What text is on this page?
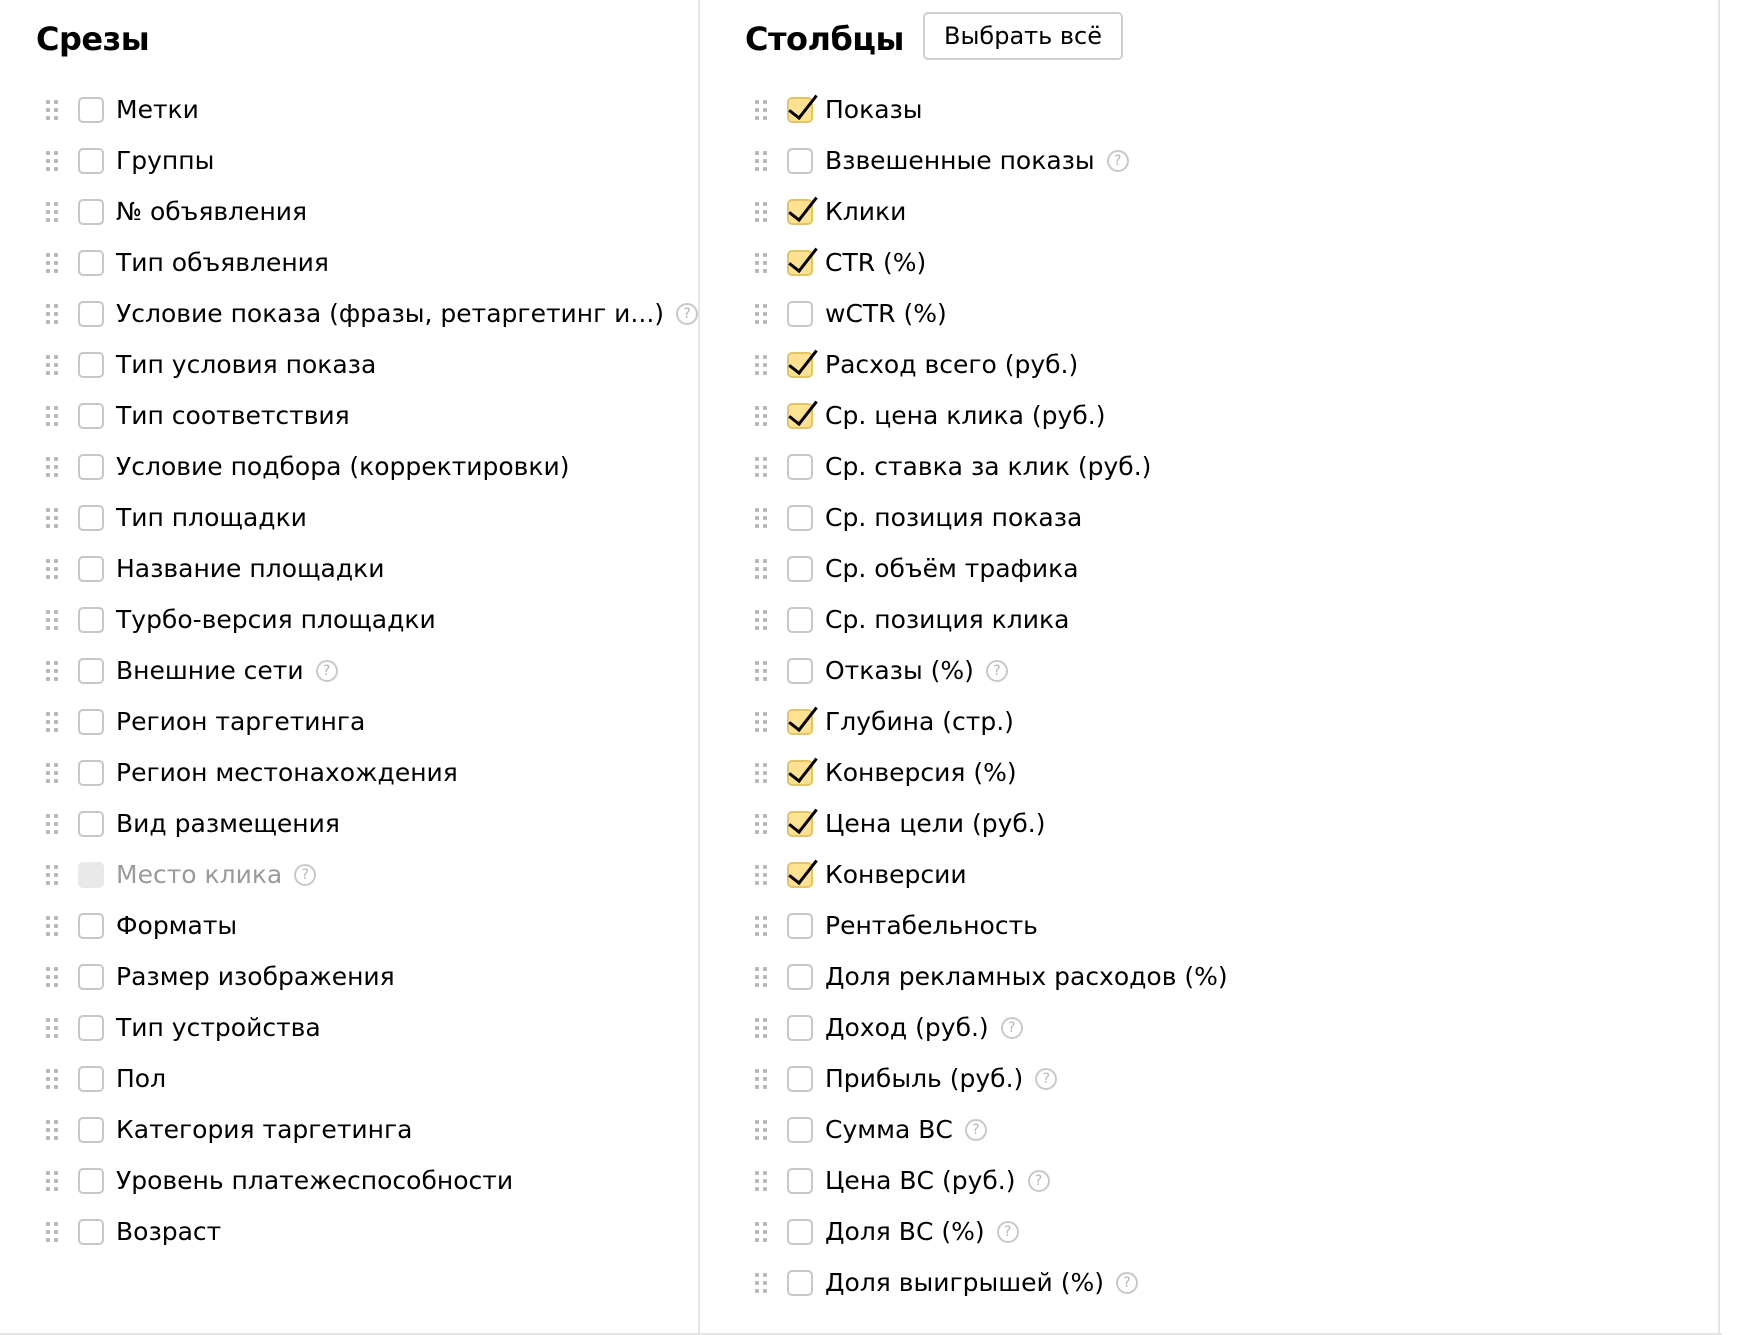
Срезы
Метки
Группы
№ объявления
Тип объявления
Условие показа (фразы, ретаргетинг и...)	?
Тип условия показа
Тип соответствия
Условие подбора (корректировки)
Тип площадки
Название площадки
Турбо-версия площадки
Внешние сети	?
Регион таргетинга
Регион местонахождения
Вид размещения
Место клика	?
Форматы
Размер изображения
Тип устройства
Пол
Категория таргетинга
Уровень платежеспособности
Возраст
Столбцы	Выбрать всё
Показы
Взвешенные показы	?
Клики
CTR (%)
wCTR (%)
Расход всего (руб.)
Ср. цена клика (руб.)
Ср. ставка за клик (руб.)
Ср. позиция показа
Ср. объём трафика
Ср. позиция клика
Отказы (%)	?
Глубина (стр.)
Конверсия (%)
Цена цели (руб.)
Конверсии
Рентабельность
Доля рекламных расходов (%)
Доход (руб.)	?
Прибыль (руб.)	?
Сумма ВС	?
Цена ВС (руб.)	?
Доля ВС (%)	?
Доля выигрышей (%)	?
